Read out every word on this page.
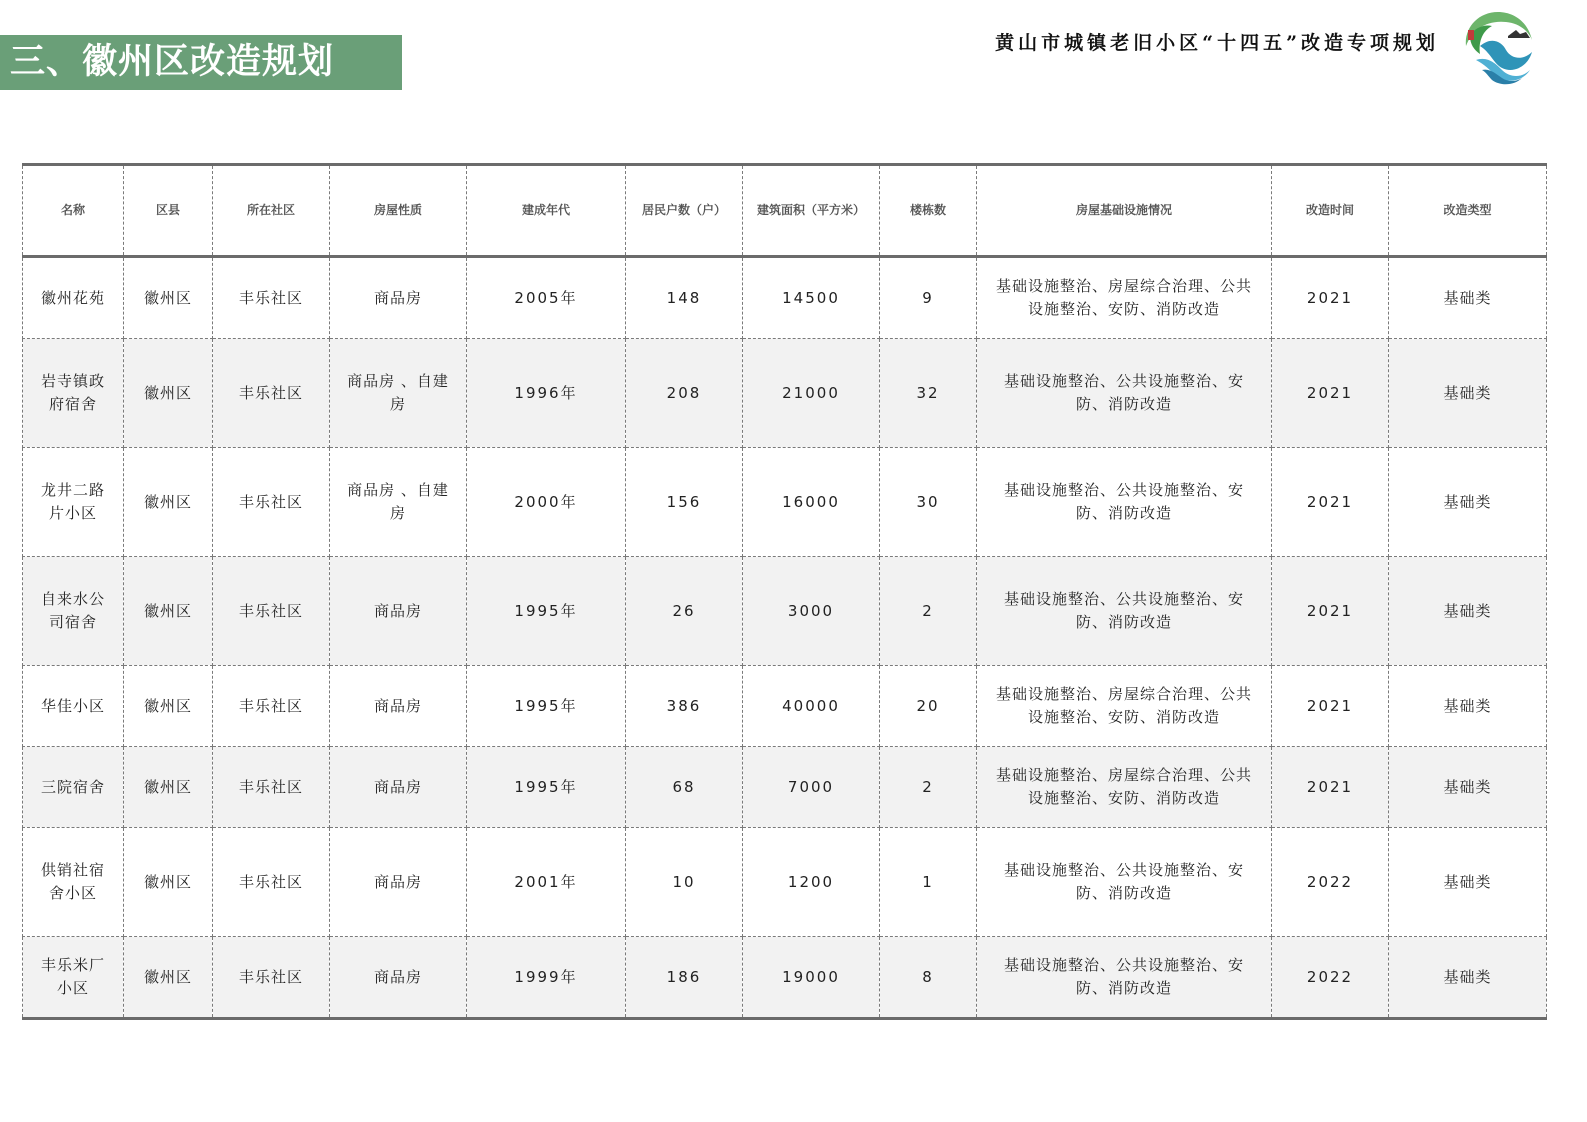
三、徽州区改造规划	黄山市城镇老旧小区“十四五”改造专项规划
名称	区县	所在社区	房屋性质	建成年代	居民户数（户）	建筑面积（平方米）	楼栋数	房屋基础设施情况	改造时间	改造类型
徽州花苑	徽州区	丰乐社区	商品房	2005年	148	14500	9	基础设施整治、房屋综合治理、公共设施整治、安防、消防改造	2021	基础类
岩寺镇政府宿舍	徽州区	丰乐社区	商品房 、自建房	1996年	208	21000	32	基础设施整治、公共设施整治、安防、消防改造	2021	基础类
龙井二路片小区	徽州区	丰乐社区	商品房 、自建房	2000年	156	16000	30	基础设施整治、公共设施整治、安防、消防改造	2021	基础类
自来水公司宿舍	徽州区	丰乐社区	商品房	1995年	26	3000	2	基础设施整治、公共设施整治、安防、消防改造	2021	基础类
华佳小区	徽州区	丰乐社区	商品房	1995年	386	40000	20	基础设施整治、房屋综合治理、公共设施整治、安防、消防改造	2021	基础类
三院宿舍	徽州区	丰乐社区	商品房	1995年	68	7000	2	基础设施整治、房屋综合治理、公共设施整治、安防、消防改造	2021	基础类
供销社宿舍小区	徽州区	丰乐社区	商品房	2001年	10	1200	1	基础设施整治、公共设施整治、安防、消防改造	2022	基础类
丰乐米厂小区	徽州区	丰乐社区	商品房	1999年	186	19000	8	基础设施整治、公共设施整治、安防、消防改造	2022	基础类
